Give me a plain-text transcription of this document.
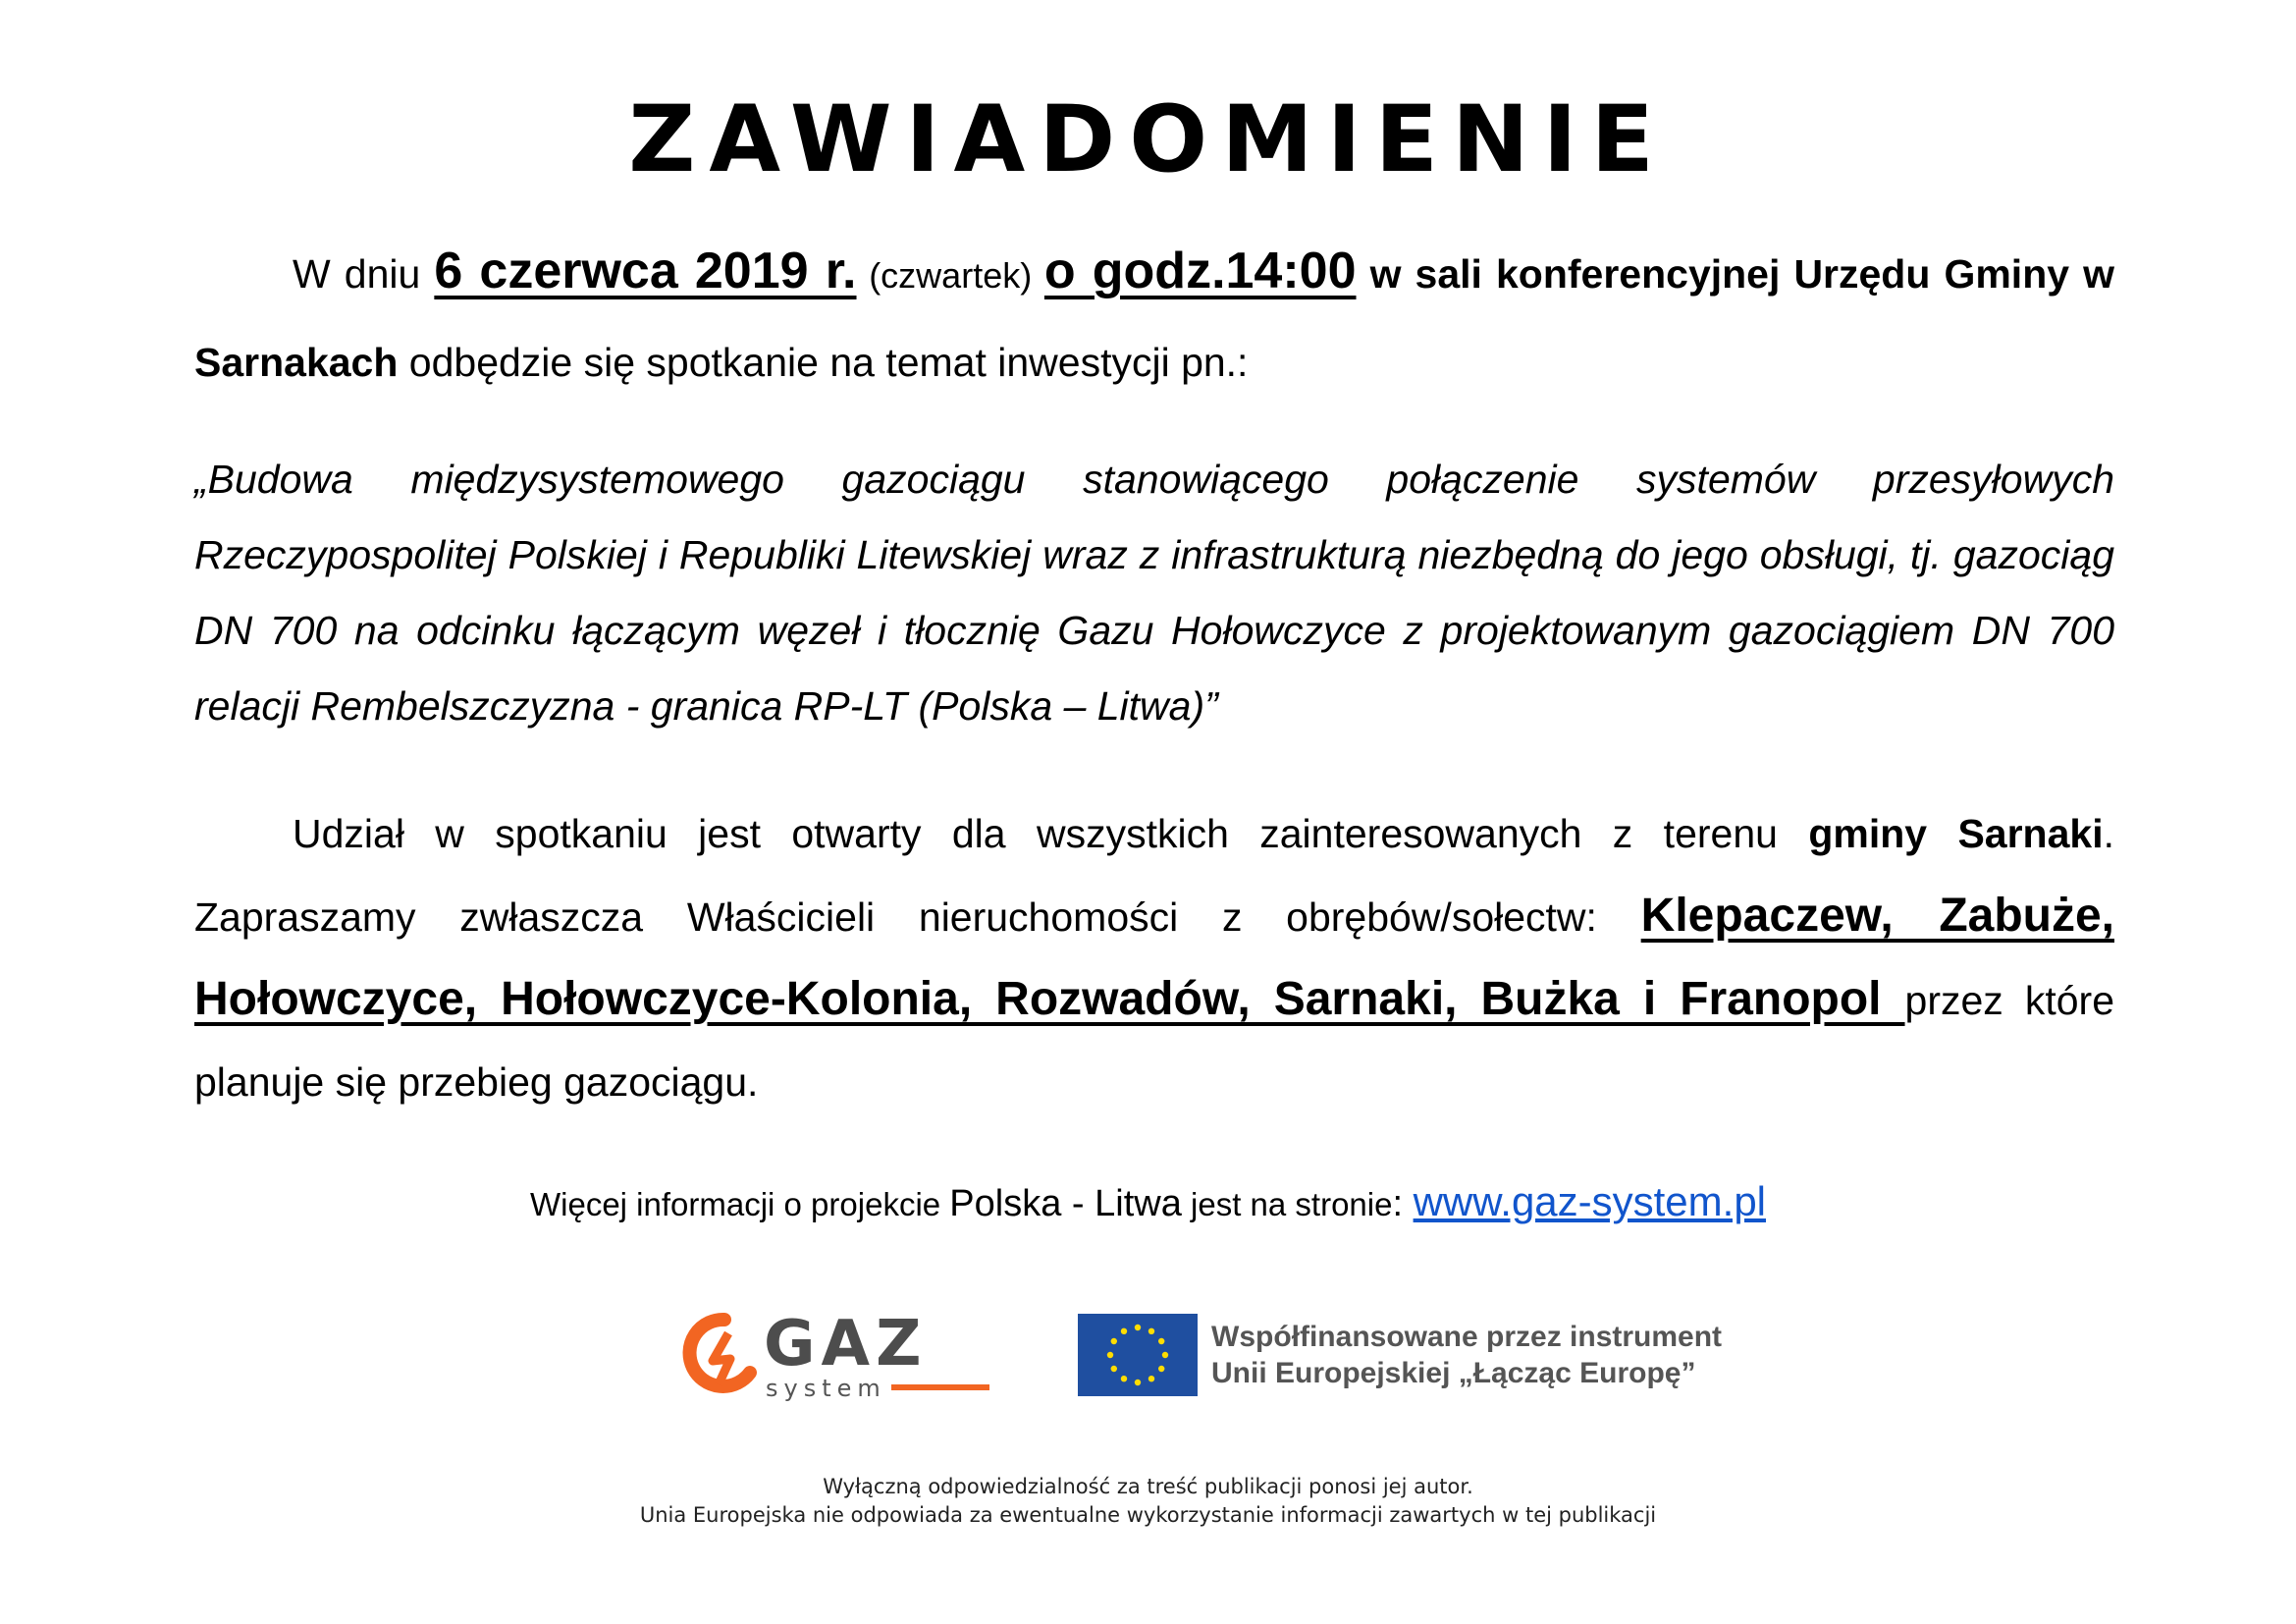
ZAWIADOMIENIE

W dniu 6 czerwca 2019 r. (czwartek) o godz.14:00 w sali konferencyjnej Urzędu Gminy w Sarnakach odbędzie się spotkanie na temat inwestycji pn.:

„Budowa międzysystemowego gazociągu stanowiącego połączenie systemów przesyłowych Rzeczypospolitej Polskiej i Republiki Litewskiej wraz z infrastrukturą niezbędną do jego obsługi, tj. gazociąg DN 700 na odcinku łączącym węzeł i tłocznię Gazu Hołowczyce z projektowanym gazociągiem DN 700 relacji Rembelszczyzna - granica RP-LT (Polska – Litwa)”

Udział w spotkaniu jest otwarty dla wszystkich zainteresowanych z terenu gminy Sarnaki. Zapraszamy zwłaszcza Właścicieli nieruchomości z obrębów/sołectw: Klepaczew, Zabuże, Hołowczyce, Hołowczyce-Kolonia, Rozwadów, Sarnaki, Bużka i Franopol przez które planuje się przebieg gazociągu.

Więcej informacji o projekcie Polska - Litwa jest na stronie: www.gaz-system.pl

GAZ
system
Współfinansowane przez instrument
Unii Europejskiej „Łącząc Europę”
Wyłączną odpowiedzialność za treść publikacji ponosi jej autor.
Unia Europejska nie odpowiada za ewentualne wykorzystanie informacji zawartych w tej publikacji
